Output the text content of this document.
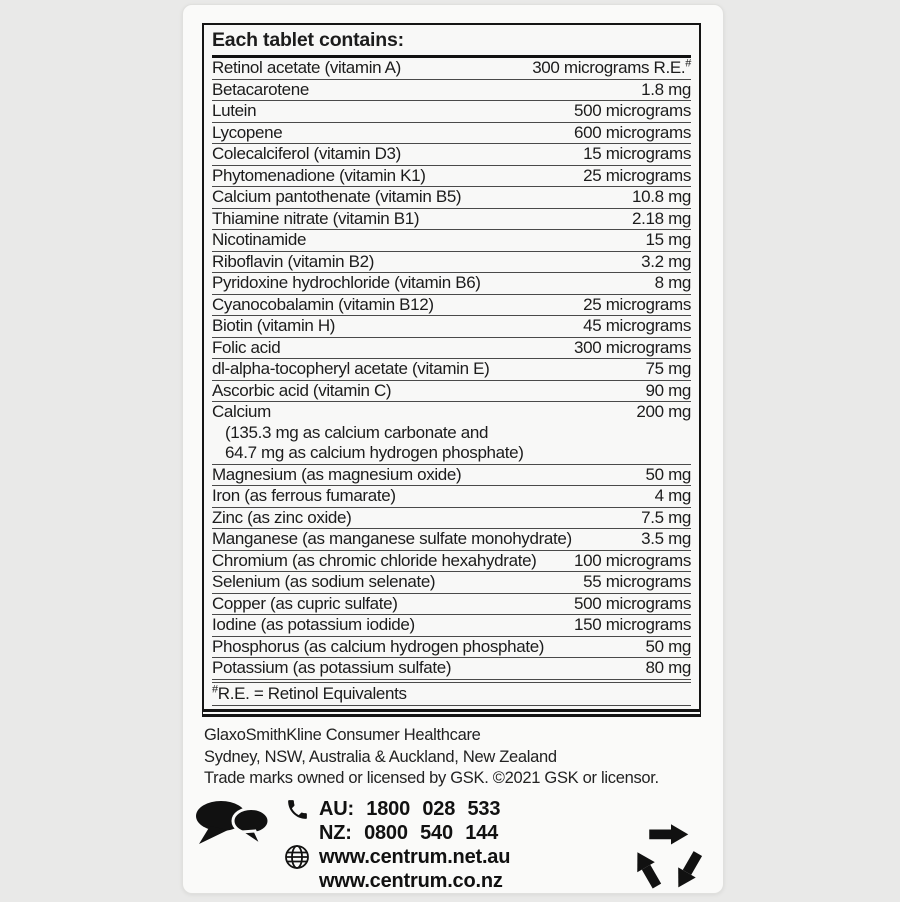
Each tablet contains:
Retinol acetate (vitamin A)	300 micrograms R.E.#
Betacarotene	1.8 mg
Lutein	500 micrograms
Lycopene	600 micrograms
Colecalciferol (vitamin D3)	15 micrograms
Phytomenadione (vitamin K1)	25 micrograms
Calcium pantothenate (vitamin B5)	10.8 mg
Thiamine nitrate (vitamin B1)	2.18 mg
Nicotinamide	15 mg
Riboflavin (vitamin B2)	3.2 mg
Pyridoxine hydrochloride (vitamin B6)	8 mg
Cyanocobalamin (vitamin B12)	25 micrograms
Biotin (vitamin H)	45 micrograms
Folic acid	300 micrograms
dl-alpha-tocopheryl acetate (vitamin E)	75 mg
Ascorbic acid (vitamin C)	90 mg
Calcium	200 mg
(135.3 mg as calcium carbonate and
64.7 mg as calcium hydrogen phosphate)
Magnesium (as magnesium oxide)	50 mg
Iron (as ferrous fumarate)	4 mg
Zinc (as zinc oxide)	7.5 mg
Manganese (as manganese sulfate monohydrate)	3.5 mg
Chromium (as chromic chloride hexahydrate) 100 micrograms
Selenium (as sodium selenate)	55 micrograms
Copper (as cupric sulfate)	500 micrograms
Iodine (as potassium iodide)	150 micrograms
Phosphorus (as calcium hydrogen phosphate)	50 mg
Potassium (as potassium sulfate)	80 mg
#R.E. = Retinol Equivalents
GlaxoSmithKline Consumer Healthcare
Sydney, NSW, Australia & Auckland, New Zealand
Trade marks owned or licensed by GSK. ©2021 GSK or licensor.
AU: 1800 028 533
NZ: 0800 540 144
www.centrum.net.au
www.centrum.co.nz
